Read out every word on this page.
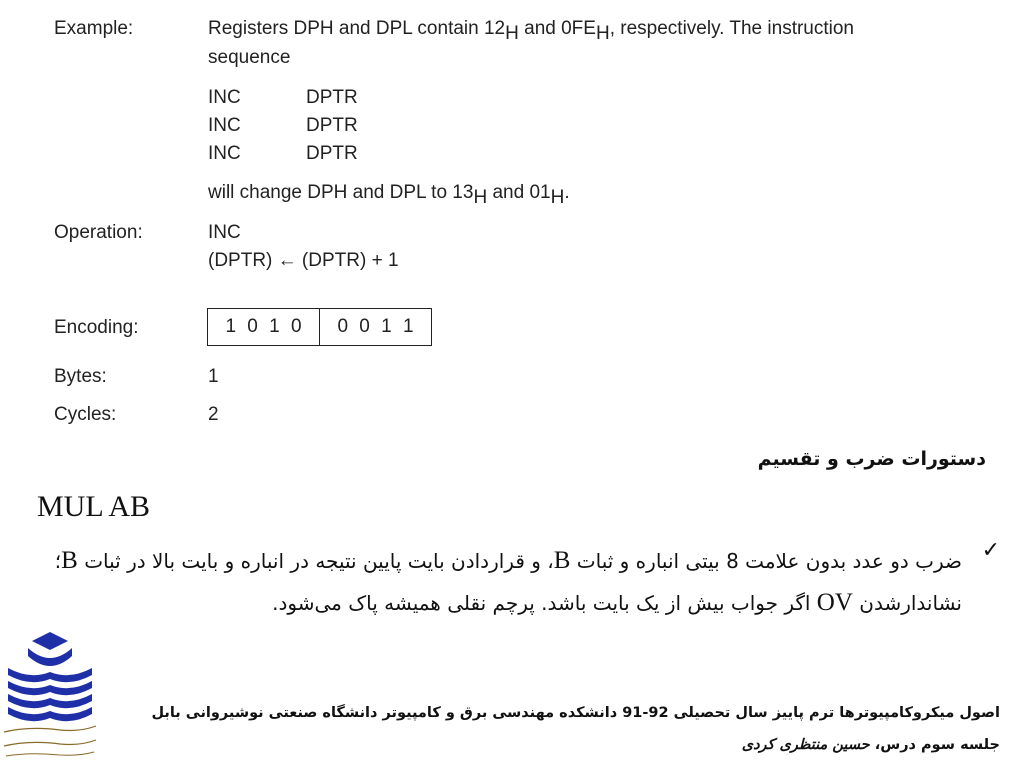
Example:	Registers DPH and DPL contain $12_H$ and $0FE_H$, respectively. The instruction
sequence
INC	DPTR
INC	DPTR
INC	DPTR
will change DPH and DPL to $13_H$ and $01_H$.
Operation:	INC
(DPTR) ← (DPTR) + 1
Encoding:	1 0 1 0	0 0 1 1
Bytes:	1
Cycles:	2
دستورات ضرب و تقسیم
MUL AB
✓
ضرب دو عدد بدون علامت 8 بیتی انباره و ثبات B، و قراردادن بایت پایین نتیجه در انباره و بایت بالا در ثبات B؛ نشاندارشدن OV اگر جواب بیش از یک بایت باشد. پرچم نقلی همیشه پاک می‌شود.
اصول میکروکامپیوترها ترم پاییز سال تحصیلی 92-91 دانشکده مهندسی برق و کامپیوتر دانشگاه صنعتی نوشیروانی بابل
جلسه سوم درس، حسین منتظری کردی
